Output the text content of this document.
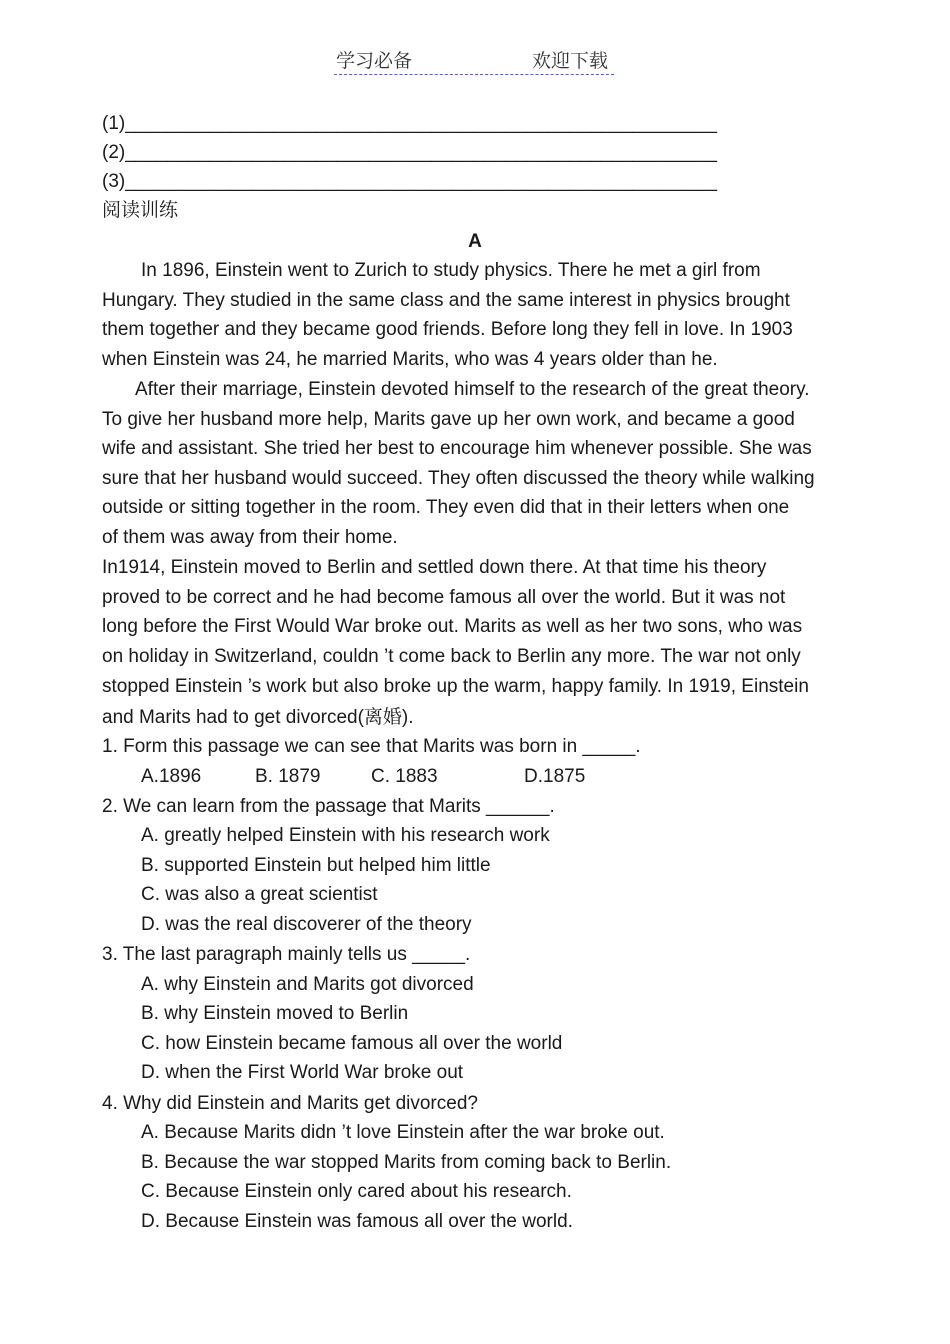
学习必备	欢迎下载
(1)________________________________________________________
(2)________________________________________________________
(3)________________________________________________________
阅读训练
A
In 1896, Einstein went to Zurich to study physics. There he met a girl from
Hungary. They studied in the same class and the same interest in physics brought
them together and they became good friends. Before long they fell in love. In 1903
when Einstein was 24, he married Marits, who was 4 years older than he.
After their marriage, Einstein devoted himself to the research of the great theory.
To give her husband more help, Marits gave up her own work, and became a good
wife and assistant. She tried her best to encourage him whenever possible. She was
sure that her husband would succeed. They often discussed the theory while walking
outside or sitting together in the room. They even did that in their letters when one
of them was away from their home.
In1914, Einstein moved to Berlin and settled down there. At that time his theory
proved to be correct and he had become famous all over the world. But it was not
long before the First Would War broke out. Marits as well as her two sons, who was
on holiday in Switzerland, couldn ’t come back to Berlin any more. The war not only
stopped Einstein ’s work but also broke up the warm, happy family. In 1919, Einstein
and Marits had to get divorced(离婚).
1. Form this passage we can see that Marits was born in _____.
A.1896	B. 1879	C. 1883	D.1875
2. We can learn from the passage that Marits ______.
A. greatly helped Einstein with his research work
B. supported Einstein but helped him little
C. was also a great scientist
D. was the real discoverer of the theory
3. The last paragraph mainly tells us _____.
A. why Einstein and Marits got divorced
B. why Einstein moved to Berlin
C. how Einstein became famous all over the world
D. when the First World War broke out
4. Why did Einstein and Marits get divorced?
A. Because Marits didn ’t love Einstein after the war broke out.
B. Because the war stopped Marits from coming back to Berlin.
C. Because Einstein only cared about his research.
D. Because Einstein was famous all over the world.
